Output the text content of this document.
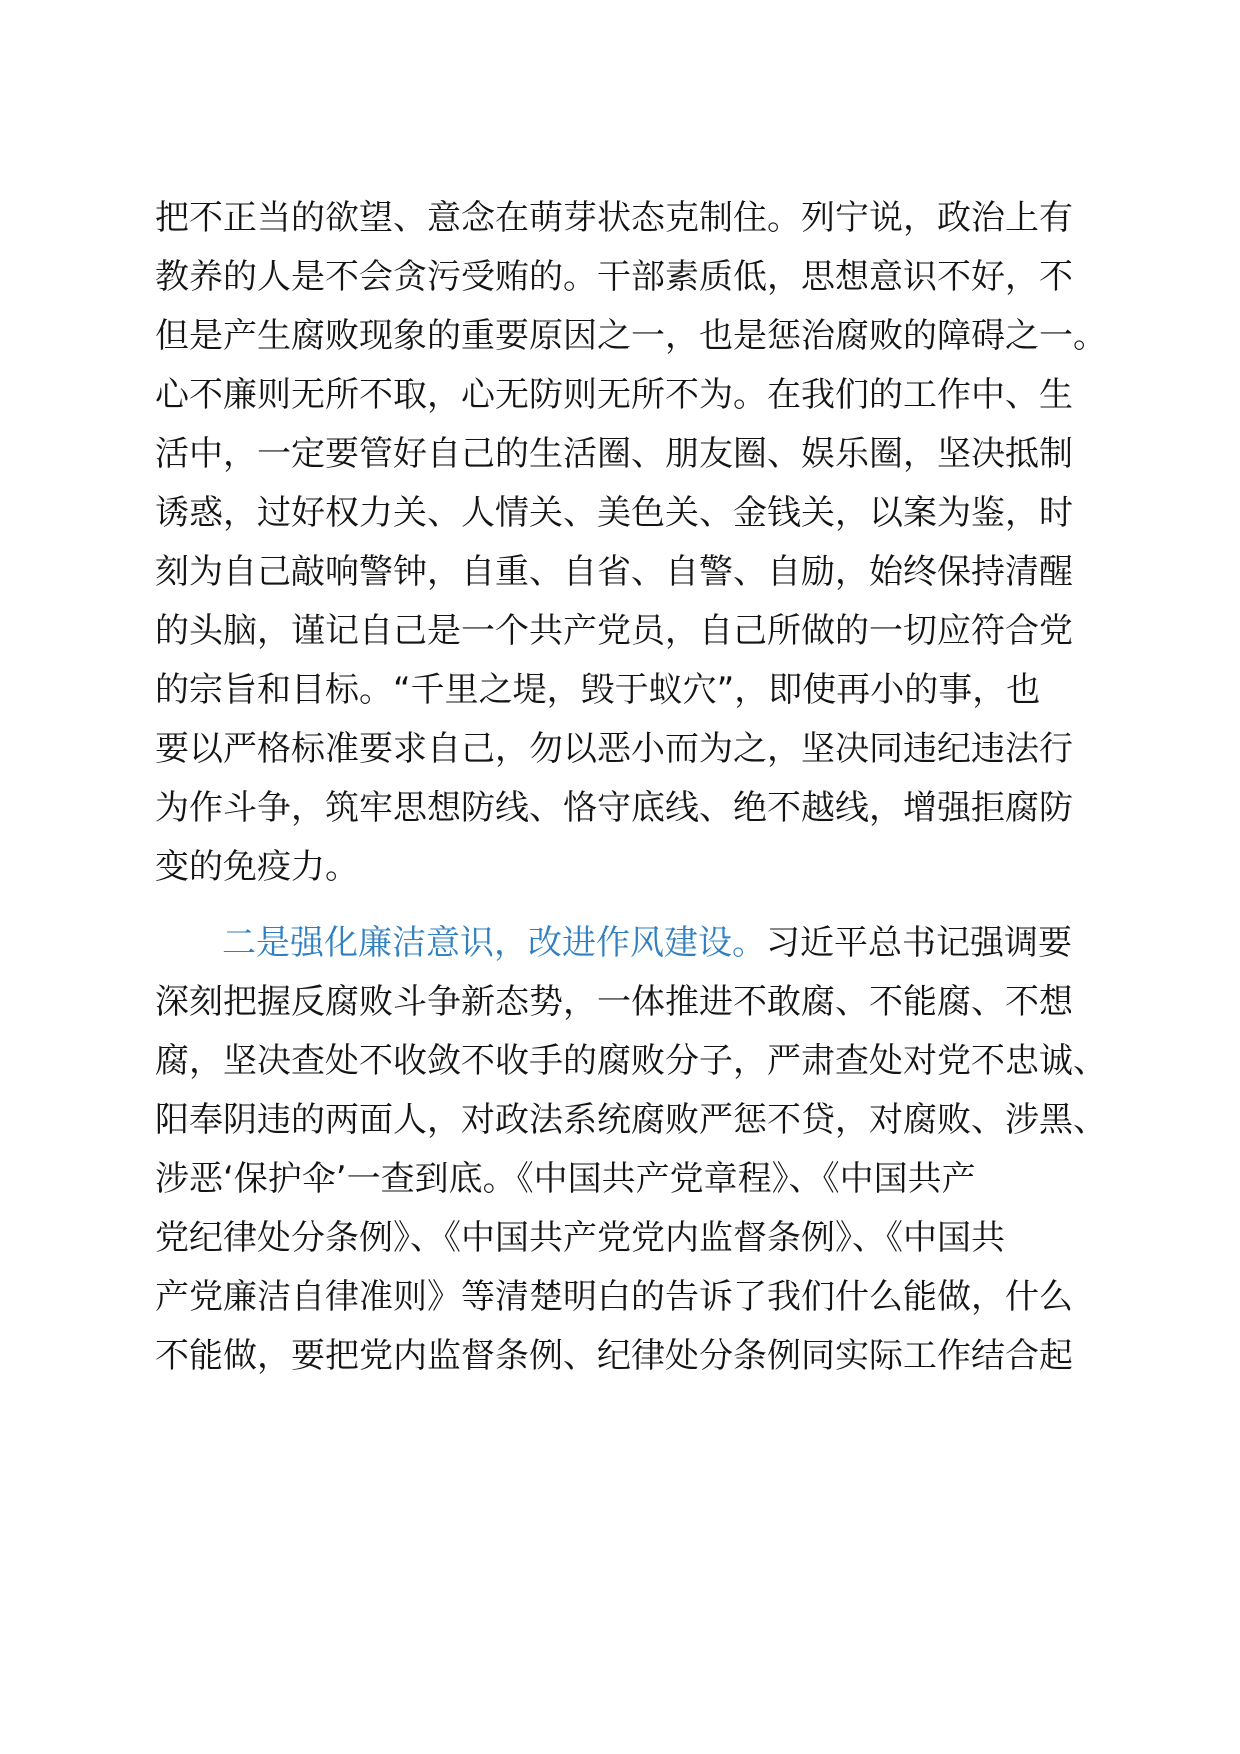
把不正当的欲望、意念在萌芽状态克制住。列宁说，政治上有
教养的人是不会贪污受贿的。干部素质低，思想意识不好，不
但是产生腐败现象的重要原因之一，也是惩治腐败的障碍之一。
心不廉则无所不取，心无防则无所不为。在我们的工作中、生
活中，一定要管好自己的生活圈、朋友圈、娱乐圈，坚决抵制
诱惑，过好权力关、人情关、美色关、金钱关，以案为鉴，时
刻为自己敲响警钟，自重、自省、自警、自励，始终保持清醒
的头脑，谨记自己是一个共产党员，自己所做的一切应符合党
的宗旨和目标。“千里之堤，毁于蚁穴”，即使再小的事，也
要以严格标准要求自己，勿以恶小而为之，坚决同违纪违法行
为作斗争，筑牢思想防线、恪守底线、绝不越线，增强拒腐防
变的免疫力。
二是强化廉洁意识，改进作风建设。习近平总书记强调要
深刻把握反腐败斗争新态势，一体推进不敢腐、不能腐、不想
腐，坚决查处不收敛不收手的腐败分子，严肃查处对党不忠诚、
阳奉阴违的两面人，对政法系统腐败严惩不贷，对腐败、涉黑、
涉恶‘保护伞’一查到底。《中国共产党章程》、《中国共产
党纪律处分条例》、《中国共产党党内监督条例》、《中国共
产党廉洁自律准则》等清楚明白的告诉了我们什么能做，什么
不能做，要把党内监督条例、纪律处分条例同实际工作结合起
